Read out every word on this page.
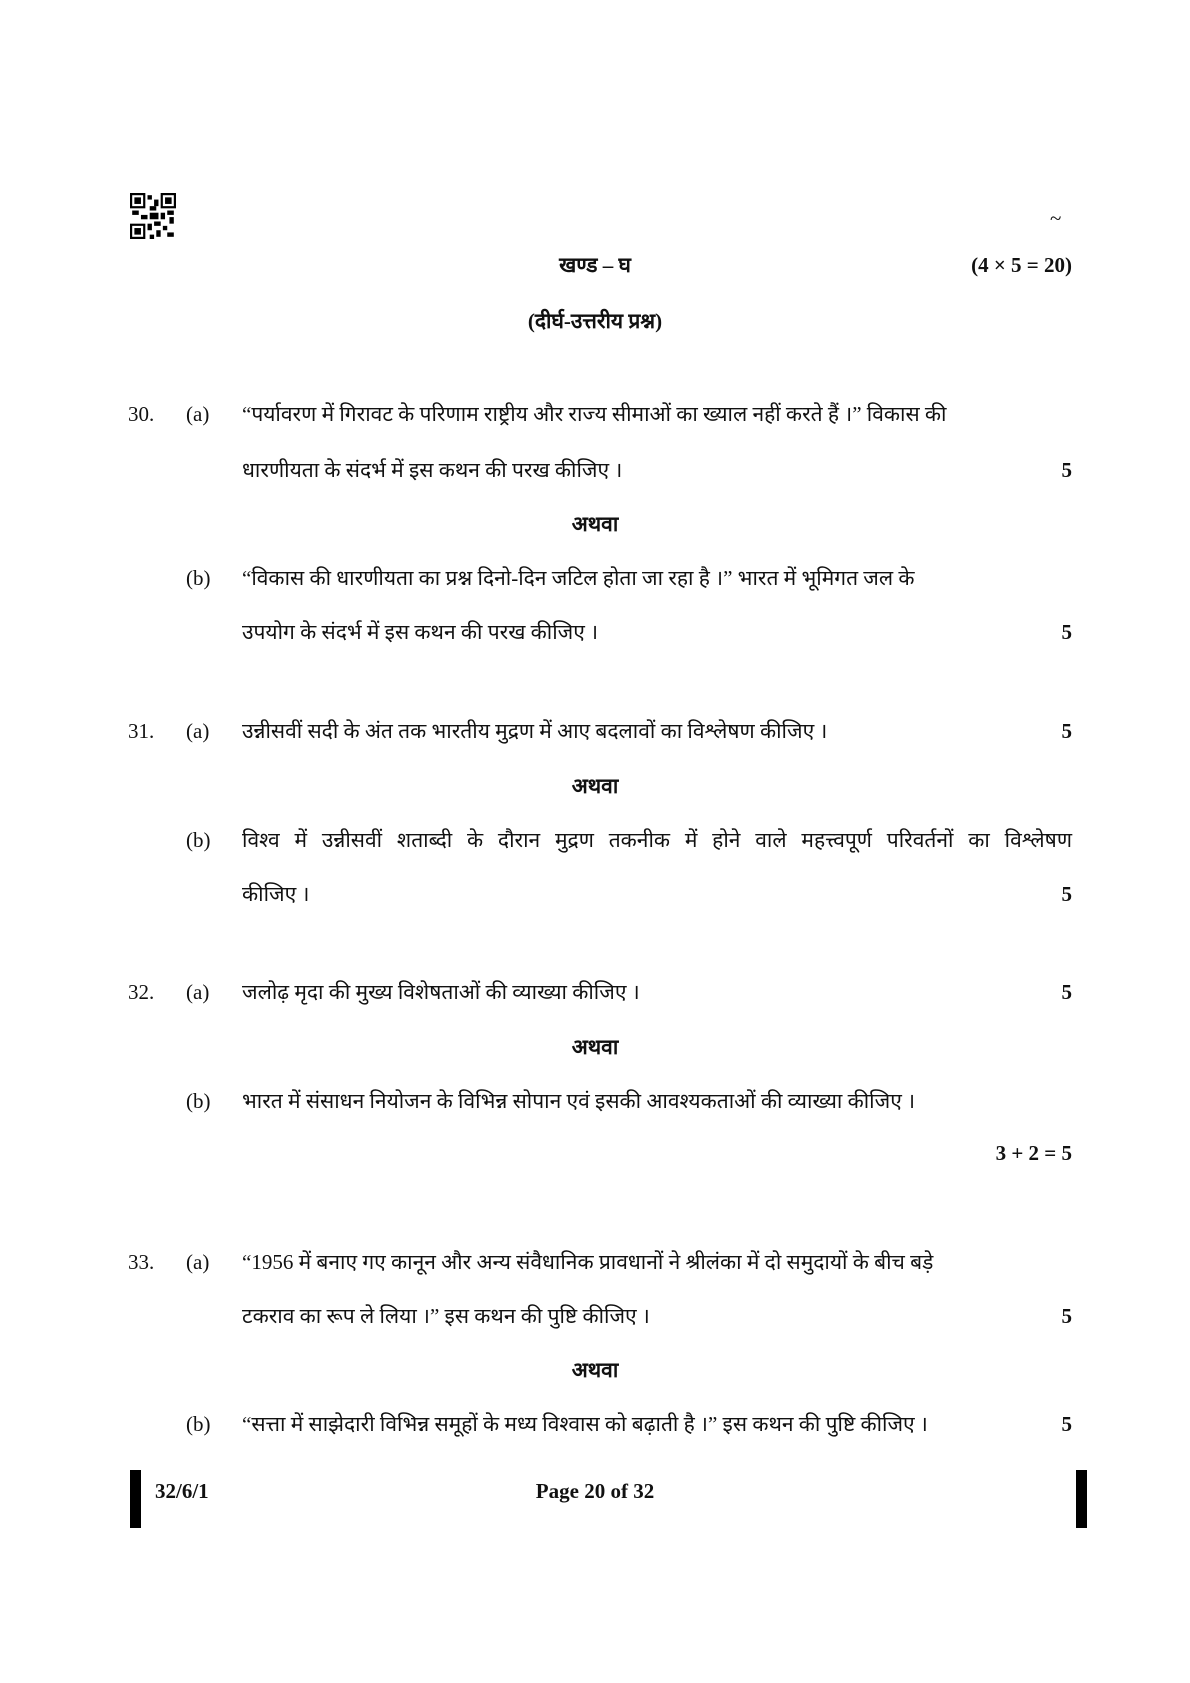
~
खण्ड – घ	(4 × 5 = 20)
(दीर्घ-उत्तरीय प्रश्न)
30. (a) “पर्यावरण में गिरावट के परिणाम राष्ट्रीय और राज्य सीमाओं का ख्याल नहीं करते हैं ।” विकास की
धारणीयता के संदर्भ में इस कथन की परख कीजिए ।	5
अथवा
(b) “विकास की धारणीयता का प्रश्न दिनो-दिन जटिल होता जा रहा है ।” भारत में भूमिगत जल के
उपयोग के संदर्भ में इस कथन की परख कीजिए ।	5
31. (a) उन्नीसवीं सदी के अंत तक भारतीय मुद्रण में आए बदलावों का विश्लेषण कीजिए ।	5
अथवा
(b) विश्व में उन्नीसवीं शताब्दी के दौरान मुद्रण तकनीक में होने वाले महत्त्वपूर्ण परिवर्तनों का विश्लेषण
कीजिए ।	5
32. (a) जलोढ़ मृदा की मुख्य विशेषताओं की व्याख्या कीजिए ।	5
अथवा
(b) भारत में संसाधन नियोजन के विभिन्न सोपान एवं इसकी आवश्यकताओं की व्याख्या कीजिए ।
3 + 2 = 5
33. (a) “1956 में बनाए गए कानून और अन्य संवैधानिक प्रावधानों ने श्रीलंका में दो समुदायों के बीच बड़े
टकराव का रूप ले लिया ।” इस कथन की पुष्टि कीजिए ।	5
अथवा
(b) “सत्ता में साझेदारी विभिन्न समूहों के मध्य विश्वास को बढ़ाती है ।” इस कथन की पुष्टि कीजिए ।	5
32/6/1	Page 20 of 32
